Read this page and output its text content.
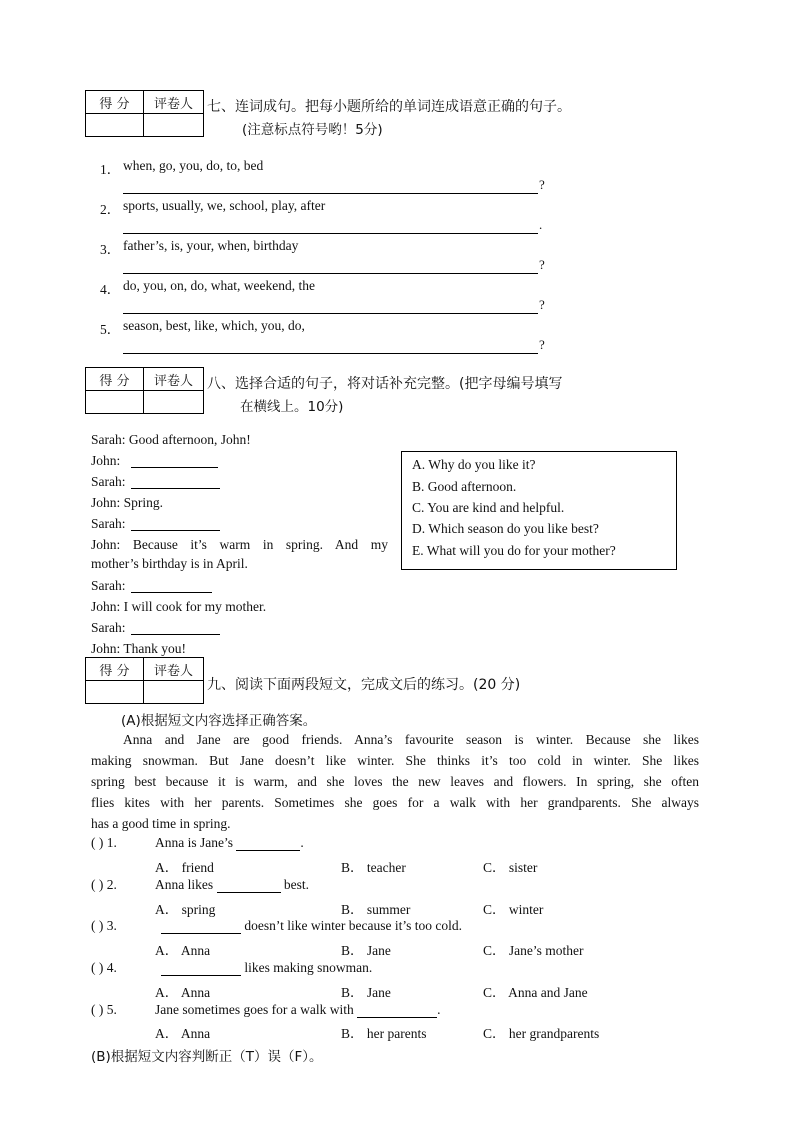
得 分	评卷人
	七、连词成句。把每小题所给的单词连成语意正确的句子。
(注意标点符号哟！5分)
1． when, go, you, do, to, bed
?
2． sports, usually, we, school, play, after
.
3． father’s, is, your, when, birthday
?
4． do, you, on, do, what, weekend, the
?
5． season, best, like, which, you, do,
?
得 分	评卷人
	八、选择合适的句子，将对话补充完整。(把字母编号填写
在横线上。10分)
Sarah: Good afternoon, John!
John:
Sarah:
John: Spring.
Sarah:
John: Because it’s warm in spring. And my
mother’s birthday is in April.
Sarah:
John: I will cook for my mother.
Sarah:
John: Thank you!
A. Why do you like it?
B. Good afternoon.
C. You are kind and helpful.
D. Which season do you like best?
E. What will you do for your mother?
得 分	评卷人

九、阅读下面两段短文，完成文后的练习。(20 分)
(A)根据短文内容选择正确答案。
Anna and Jane are good friends. Anna’s favourite season is winter. Because she likes
making snowman. But Jane doesn’t like winter. She thinks it’s too cold in winter. She likes
spring best because it is warm, and she loves the new leaves and flowers. In spring, she often
flies kites with her parents. Sometimes she goes for a walk with her grandparents. She always
has a good time in spring.
( ) 1.	Anna is Jane’s	.
A． friend	B． teacher	C． sister
( ) 2.	Anna likes	best.
A． spring	B． summer	C． winter
( ) 3.	doesn’t like winter because it’s too cold.
A． Anna	B． Jane	C． Jane’s mother
( ) 4.	likes making snowman.
A． Anna	B． Jane	C． Anna and Jane
( ) 5.	Jane sometimes goes for a walk with	.
A． Anna	B． her parents	C． her grandparents
(B)根据短文内容判断正（T）误（F）。
